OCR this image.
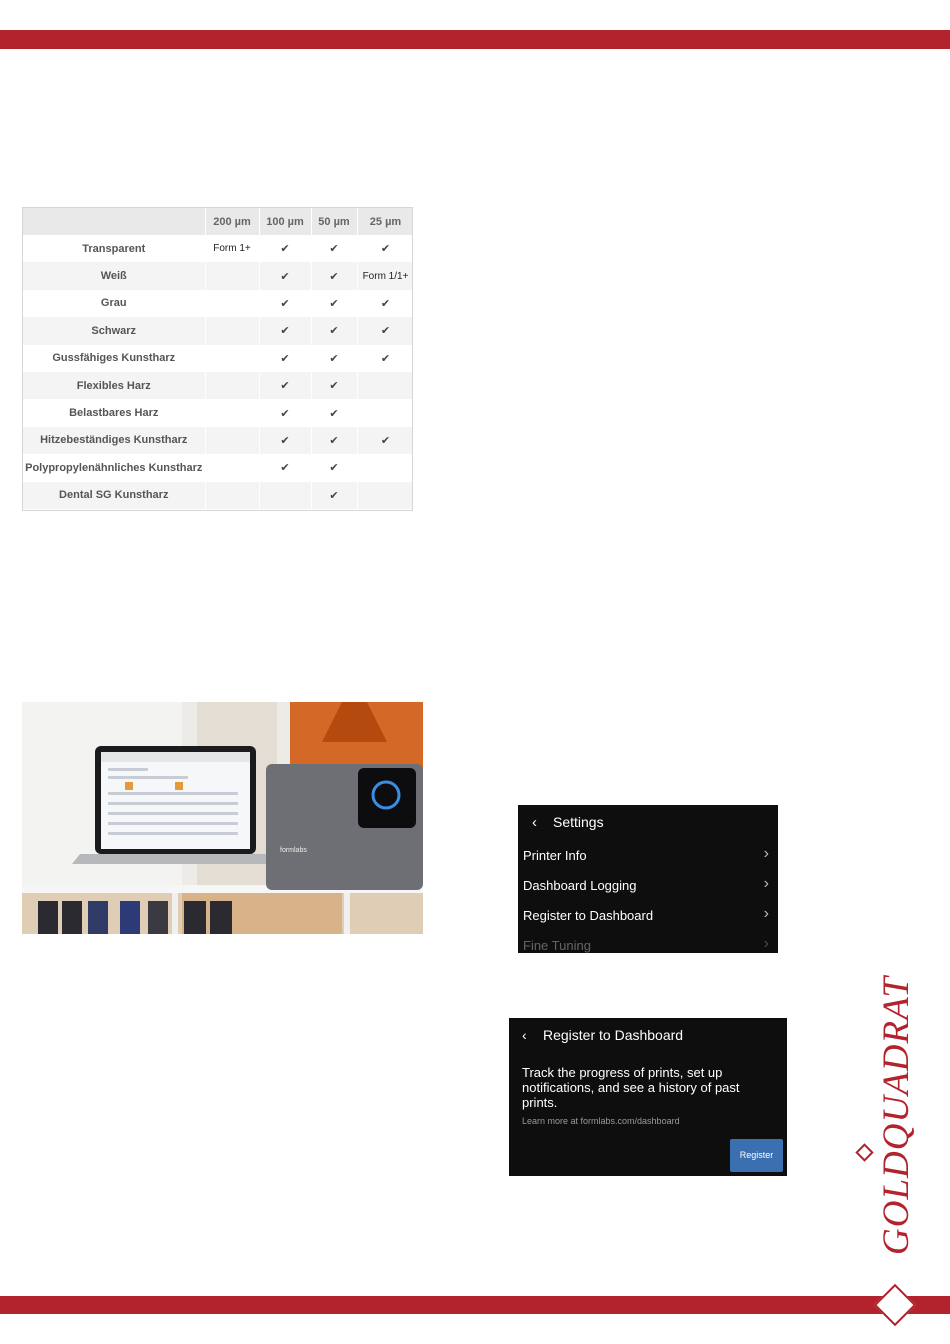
	200 µm	100 µm	50 µm	25 µm
Transparent	Form 1+	✔	✔	✔
Weiß		✔	✔	Form 1/1+
Grau		✔	✔	✔
Schwarz		✔	✔	✔
Gussfähiges Kunstharz		✔	✔	✔
Flexibles Harz		✔	✔	
Belastbares Harz		✔	✔	
Hitzebeständiges Kunstharz		✔	✔	✔
Polypropylenähnliches Kunstharz		✔	✔	
Dental SG Kunstharz			✔	
formlabs
‹ Settings
Printer Info	›
Dashboard Logging	›
Register to Dashboard	›
Fine Tuning	›
‹ Register to Dashboard
Track the progress of prints, set up notifications, and see a history of past prints.
Learn more at formlabs.com/dashboard
Register	GOLDQUADRAT
